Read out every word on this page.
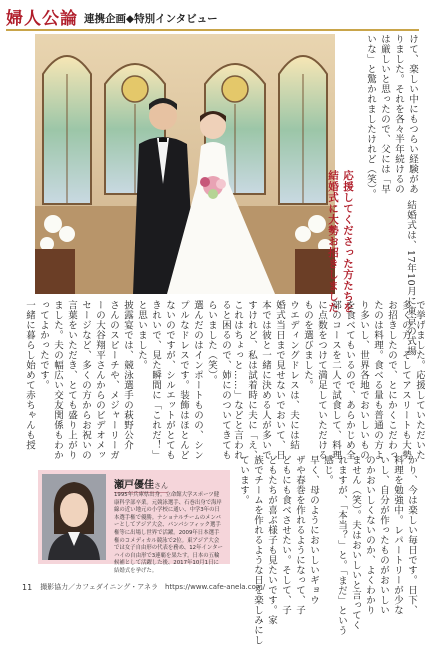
婦人公論 連携企画◆特別インタビュー
けて、楽しい中にもつらい経験があ
りました。それを各々半年続けるの
は厳しいと思ったので、父には「早
いな」と驚かれましたけれど（笑）。
応援してくださった方たちを
結婚式に大勢お招きしました	結婚式は、17年10月に東京の式場
で挙げました。応援していただいた
多くの方、そしてアスリートも大勢
お招きしたので、とにかくこだわっ
たのは料理。食べる量も普通の方よ
り多いし、世界各地でおいしいもの
を食べてもいるので、あらかじめ全
部のコースを二人で試食して、料理
に点数をつけて満足していただける
ものを選びました。
ウエディングドレスは、夫には結
婚式当日まで見せないでおいて、日
本では彼と一緒に決める人が多いで
すけれど、私は試着時に夫に「え、
これはちょっと……」などと言われ
ると困るので、姉にのついてきても
らいました（笑）。
選んだのはインポートものの、シン
プルなドレスです。装飾はほとんど
ないのですが、シルエットがとても
きれいで、見た瞬間に「これだ！」
と思いました。
披露宴では、競泳選手の萩野公介
さんのスピーチや、メジャーリーガ
ーの大谷翔平さんからのビデオメッ
セージなど、多くの方からお祝いの
言葉をいただき、とても盛り上がり
ました。夫の幅広い交友関係もわか
ってよかったです。
一緒に暮らし始めて赤ちゃんも授
かり、今は楽しい毎日です。日下、
料理を勉強中。レパートリーが少な
いし、自分が作ったものがおいしい
のかおいしくないのか、よくわかり
ません（笑）。夫はおいしいと言ってく
れますが、「本当？」と。「まだ」という
感じ。
早く、母のようにおいしいギョウ
ザや春巻を作れるようになって、子
どもにも食べさせたい。そして、子
どもたちが喜ぶ様子も見たいです。家
族でチームを作れるような日を楽しみにし
ています。
瀬戸優佳さん
1995年兵庫県出身。立命館大学スポーツ健康科学部卒業。元競泳選手、石巻出身で海岸線の近い地元の小学校に通い、中学3年の日本選手権で優勝。ナショナルチームのメンバーとしてアジア大会、パンパシフィック選手権等に出場し世界で活躍。2009年日本選手権のコメディカル競泳で2位。東アジア大会では女子自由形の代表を務め、12年インターハイの自由形で3連覇を果たす。日本の五輪候補として活躍した後、2017年10月1日に結婚式を挙げた。
11 撮影協力／カフェダイニング・アネラ　https://www.cafe-anela.com/
